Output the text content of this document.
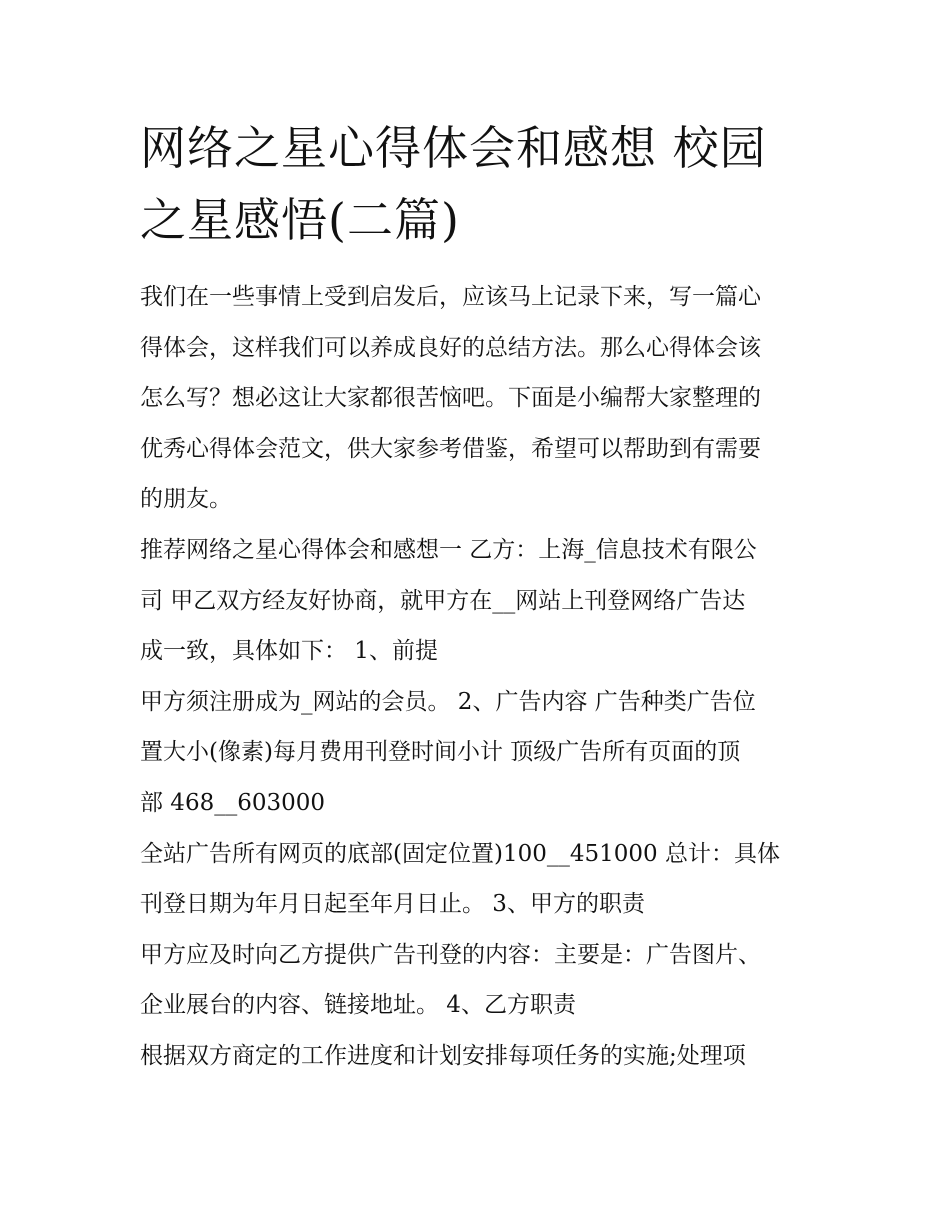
网络之星心得体会和感想 校园
之星感悟(二篇)

我们在一些事情上受到启发后，应该马上记录下来，写一篇心
得体会，这样我们可以养成良好的总结方法。那么心得体会该
怎么写？想必这让大家都很苦恼吧。下面是小编帮大家整理的
优秀心得体会范文，供大家参考借鉴，希望可以帮助到有需要
的朋友。

推荐网络之星心得体会和感想一 乙方：上海_信息技术有限公
司 甲乙双方经友好协商，就甲方在__网站上刊登网络广告达
成一致，具体如下： 1、前提

甲方须注册成为_网站的会员。 2、广告内容 广告种类广告位
置大小(像素)每月费用刊登时间小计 顶级广告所有页面的顶
部 468__603000

全站广告所有网页的底部(固定位置)100__451000 总计：具体
刊登日期为年月日起至年月日止。 3、甲方的职责

甲方应及时向乙方提供广告刊登的内容：主要是：广告图片、
企业展台的内容、链接地址。 4、乙方职责

根据双方商定的工作进度和计划安排每项任务的实施;处理项
